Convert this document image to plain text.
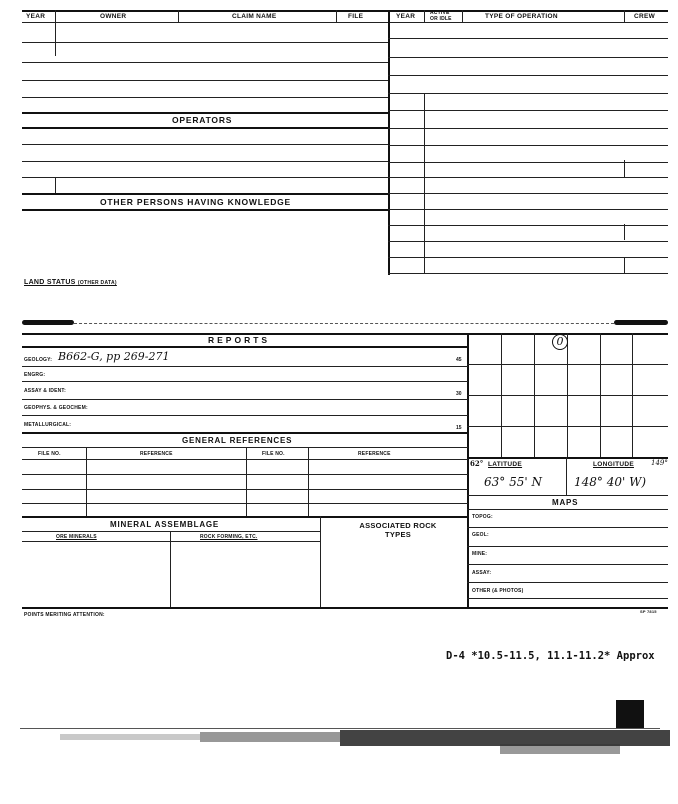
YEAR	OWNER	CLAIM NAME	FILE	YEAR	ACTIVE OR IDLE	TYPE OF OPERATION	CREW
OPERATORS
OTHER PERSONS HAVING KNOWLEDGE
LAND STATUS (OTHER DATA)
REPORTS
GEOLOGY: B662-G, pp 269-271	45
ENGRG:
ASSAY & IDENT:	30
GEOPHYS. & GEOCHEM:
METALLURGICAL:	15
GENERAL REFERENCES
FILE NO.	REFERENCE	FILE NO.	REFERENCE
MINERAL ASSEMBLAGE
ORE MINERALS	ROCK FORMING, ETC.
ASSOCIATED ROCK TYPES
0
62° LATITUDE	LONGITUDE 149°
63° 55' N	148° 40' W)
MAPS
TOPOG:
GEOL:
MINE:
ASSAY:
OTHER (& PHOTOS)
POINTS MERITING ATTENTION:
SP 7815
D-4 *10.5-11.5, 11.1-11.2* Approx
